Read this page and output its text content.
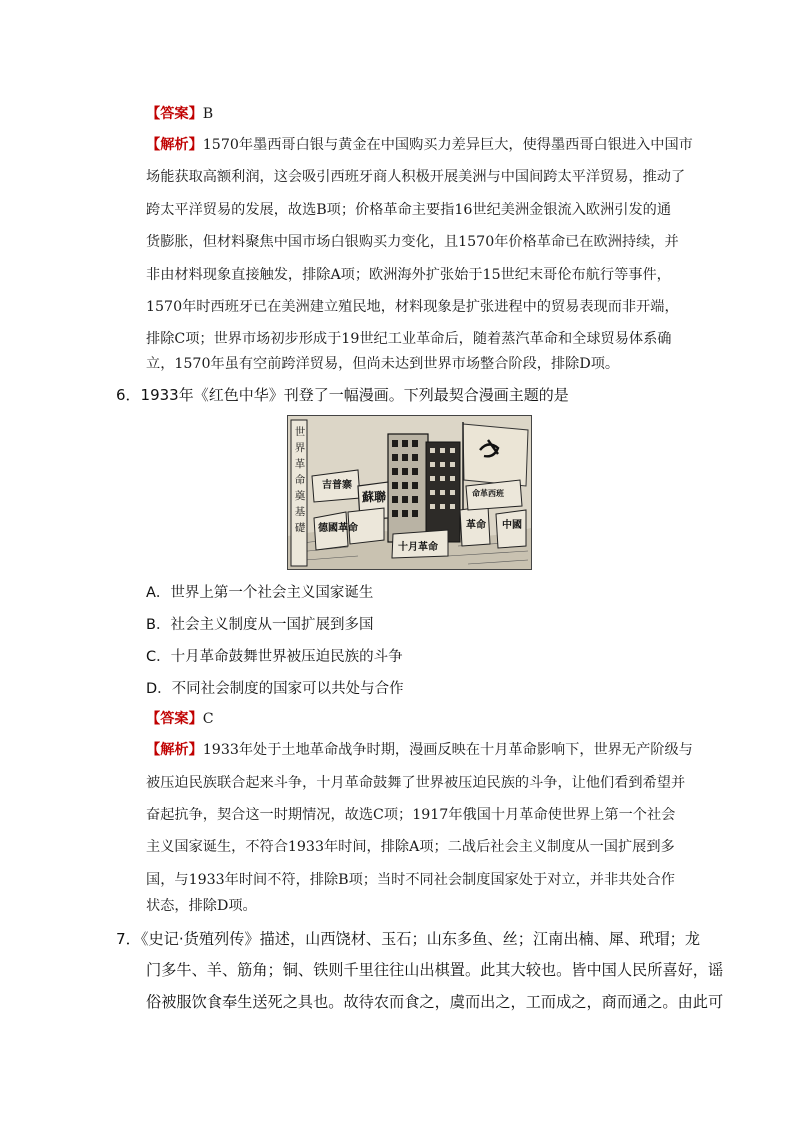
【答案】B
【解析】1570年墨西哥白银与黄金在中国购买力差异巨大，使得墨西哥白银进入中国市
场能获取高额利润，这会吸引西班牙商人积极开展美洲与中国间跨太平洋贸易，推动了
跨太平洋贸易的发展，故选B项；价格革命主要指16世纪美洲金银流入欧洲引发的通
货膨胀，但材料聚焦中国市场白银购买力变化，且1570年价格革命已在欧洲持续，并
非由材料现象直接触发，排除A项；欧洲海外扩张始于15世纪末哥伦布航行等事件，
1570年时西班牙已在美洲建立殖民地，材料现象是扩张进程中的贸易表现而非开端，
排除C项；世界市场初步形成于19世纪工业革命后，随着蒸汽革命和全球贸易体系确
立，1570年虽有空前跨洋贸易，但尚未达到世界市场整合阶段，排除D项。
6．1933年《红色中华》刊登了一幅漫画。下列最契合漫画主题的是
世界革命奠基礎
吉普寨
蘇聯
德國革命
十月革命
中國
革命
命革西班
A．世界上第一个社会主义国家诞生
B．社会主义制度从一国扩展到多国
C．十月革命鼓舞世界被压迫民族的斗争
D．不同社会制度的国家可以共处与合作
【答案】C
【解析】1933年处于土地革命战争时期，漫画反映在十月革命影响下，世界无产阶级与
被压迫民族联合起来斗争，十月革命鼓舞了世界被压迫民族的斗争，让他们看到希望并
奋起抗争，契合这一时期情况，故选C项；1917年俄国十月革命使世界上第一个社会
主义国家诞生，不符合1933年时间，排除A项；二战后社会主义制度从一国扩展到多
国，与1933年时间不符，排除B项；当时不同社会制度国家处于对立，并非共处合作
状态，排除D项。
7．《史记·货殖列传》描述，山西饶材、玉石；山东多鱼、丝；江南出楠、犀、玳瑁；龙
门多牛、羊、筋角；铜、铁则千里往往山出棋置。此其大较也。皆中国人民所喜好，谣
俗被服饮食奉生送死之具也。故待农而食之，虞而出之，工而成之，商而通之。由此可
